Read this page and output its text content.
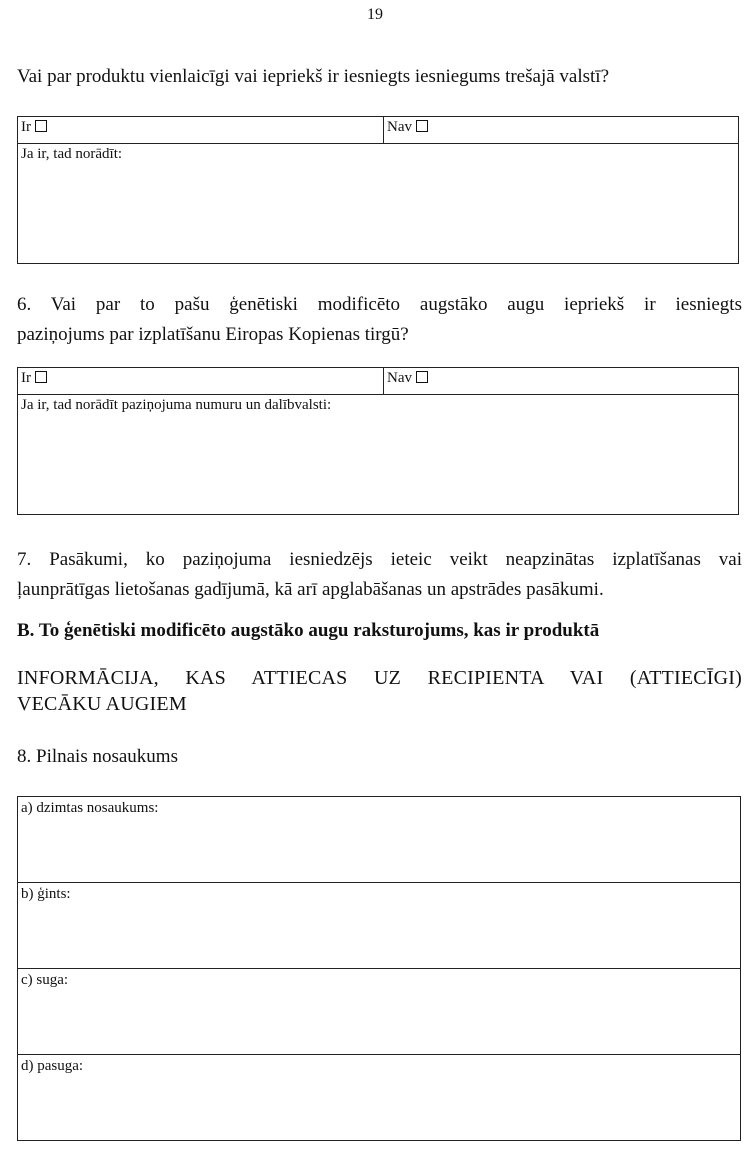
19
Vai par produktu vienlaicīgi vai iepriekš ir iesniegts iesniegums trešajā valstī?
Ir	Nav
Ja ir, tad norādīt:
6. Vai par to pašu ģenētiski modificēto augstāko augu iepriekš ir iesniegts
paziņojums par izplatīšanu Eiropas Kopienas tirgū?
Ir	Nav
Ja ir, tad norādīt paziņojuma numuru un dalībvalsti:
7. Pasākumi, ko paziņojuma iesniedzējs ieteic veikt neapzinātas izplatīšanas vai
ļaunprātīgas lietošanas gadījumā, kā arī apglabāšanas un apstrādes pasākumi.
B. To ģenētiski modificēto augstāko augu raksturojums, kas ir produktā
INFORMĀCIJA, KAS ATTIECAS UZ RECIPIENTA VAI (ATTIECĪGI)
VECĀKU AUGIEM
8. Pilnais nosaukums
a) dzimtas nosaukums:
b) ģints:
c) suga:
d) pasuga:
